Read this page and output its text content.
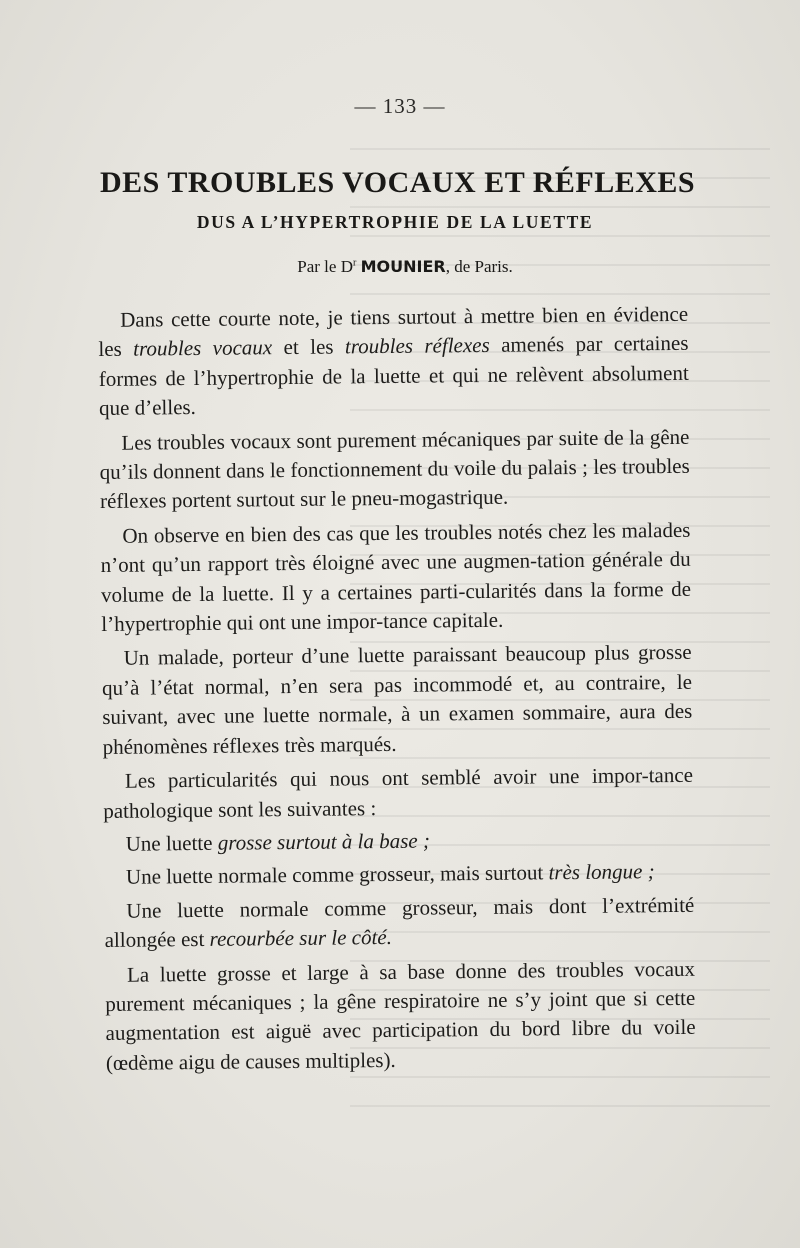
— 133 —
DES TROUBLES VOCAUX ET RÉFLEXES
DUS A L’HYPERTROPHIE DE LA LUETTE
Par le $D^r$ MOUNIER, de Paris.

Dans cette courte note, je tiens surtout à mettre bien en évidence les troubles vocaux et les troubles réflexes amenés par certaines formes de l’hypertrophie de la luette et qui ne relèvent absolument que d’elles.

Les troubles vocaux sont purement mécaniques par suite de la gêne qu’ils donnent dans le fonctionnement du voile du palais ; les troubles réflexes portent surtout sur le pneu-mogastrique.

On observe en bien des cas que les troubles notés chez les malades n’ont qu’un rapport très éloigné avec une augmen-tation générale du volume de la luette. Il y a certaines parti-cularités dans la forme de l’hypertrophie qui ont une impor-tance capitale.

Un malade, porteur d’une luette paraissant beaucoup plus grosse qu’à l’état normal, n’en sera pas incommodé et, au contraire, le suivant, avec une luette normale, à un examen sommaire, aura des phénomènes réflexes très marqués.

Les particularités qui nous ont semblé avoir une impor-tance pathologique sont les suivantes :

Une luette grosse surtout à la base ;

Une luette normale comme grosseur, mais surtout très longue ;

Une luette normale comme grosseur, mais dont l’extrémité allongée est recourbée sur le côté.

La luette grosse et large à sa base donne des troubles vocaux purement mécaniques ; la gêne respiratoire ne s’y joint que si cette augmentation est aiguë avec participation du bord libre du voile (œdème aigu de causes multiples).
